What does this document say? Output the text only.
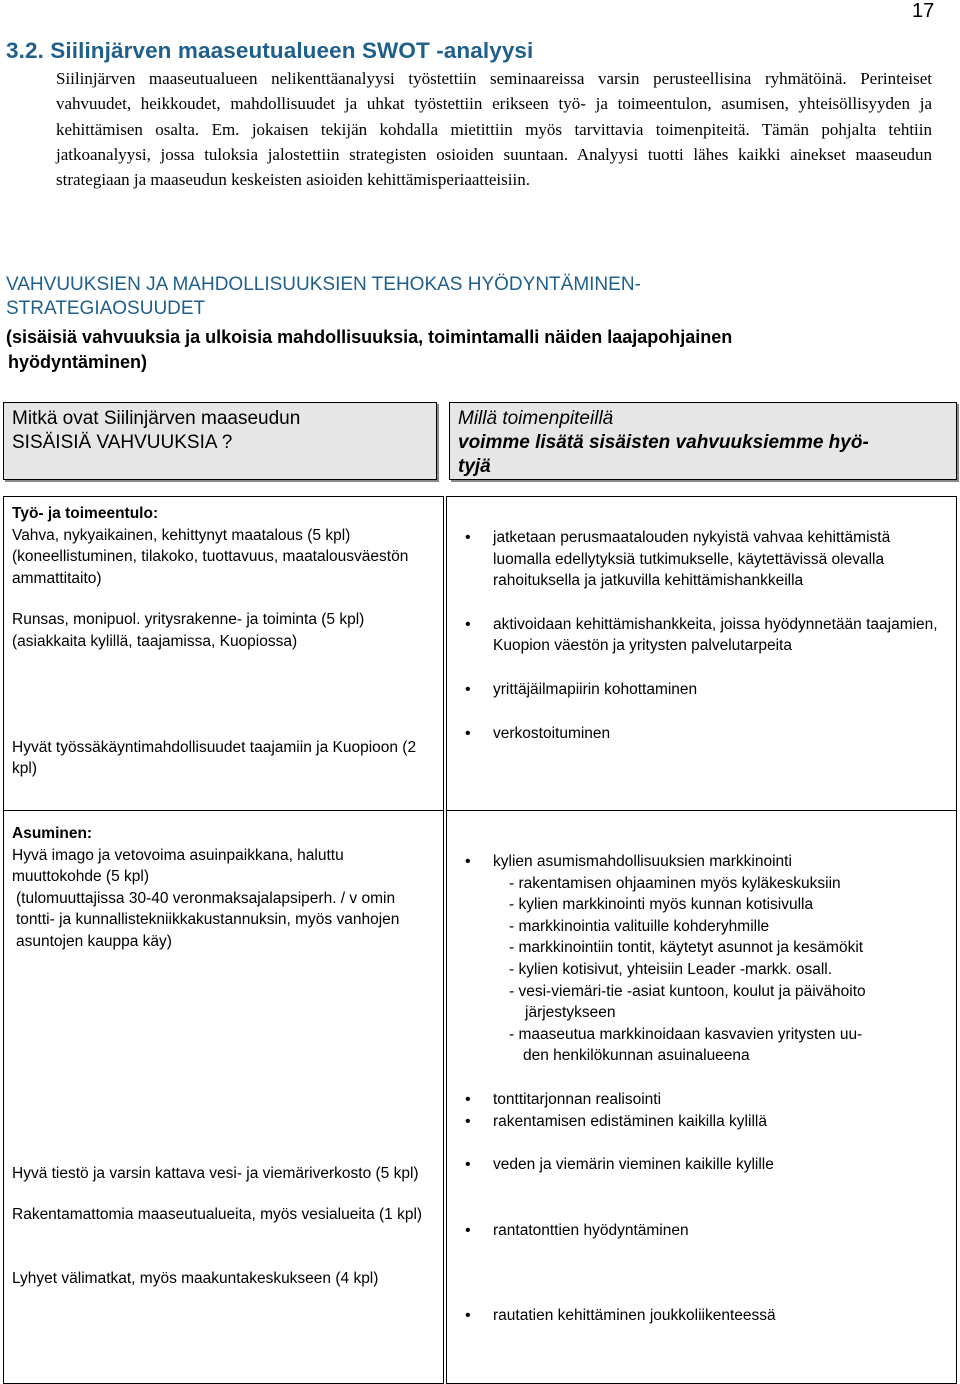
17
3.2. Siilinjärven maaseutualueen SWOT -analyysi

Siilinjärven maaseutualueen nelikenttäanalyysi työstettiin seminaareissa varsin perusteellisina ryhmätöinä. Perinteiset vahvuudet, heikkoudet, mahdollisuudet ja uhkat työstettiin erikseen työ- ja toimeentulon, asumisen, yhteisöllisyyden ja kehittämisen osalta. Em. jokaisen tekijän kohdalla mietittiin myös tarvittavia toimenpiteitä. Tämän pohjalta tehtiin jatkoanalyysi, jossa tuloksia jalostettiin strategisten osioiden suuntaan. Analyysi tuotti lähes kaikki ainekset maaseudun strategiaan ja maaseudun keskeisten asioiden kehittämisperiaatteisiin.

VAHVUUKSIEN JA MAHDOLLISUUKSIEN TEHOKAS HYÖDYNTÄMINEN-
STRATEGIAOSUUDET

(sisäisiä vahvuuksia ja ulkoisia mahdollisuuksia, toimintamalli näiden laajapohjainen
hyödyntäminen)

Mitkä ovat Siilinjärven maaseudun
SISÄISIÄ VAHVUUKSIA ?
Millä toimenpiteillä
voimme lisätä sisäisten vahvuuksiemme hyö-
tyjä
Työ- ja toimeentulo:

Vahva, nykyaikainen, kehittynyt maatalous (5 kpl) (koneellistuminen, tilakoko, tuottavuus, maatalousväestön ammattitaito)

Runsas, monipuol. yritysrakenne- ja toiminta (5 kpl) (asiakkaita kylillä, taajamissa, Kuopiossa)

Hyvät työssäkäyntimahdollisuudet taajamiin ja Kuopioon (2 kpl)

• jatketaan perusmaatalouden nykyistä vahvaa kehittämistä luomalla edellytyksiä tutkimukselle, käytettävissä olevalla rahoituksella ja jatkuvilla kehittämishankkeilla
• aktivoidaan kehittämishankkeita, joissa hyödynnetään taajamien, Kuopion väestön ja yritysten palvelutarpeita
• yrittäjäilmapiirin kohottaminen
• verkostoituminen
Asuminen:

Hyvä imago ja vetovoima asuinpaikkana, haluttu muuttokohde (5 kpl)

(tulomuuttajissa 30-40 veronmaksajalapsiperh. / v omin tontti- ja kunnallistekniikkakustannuksin, myös vanhojen asuntojen kauppa käy)

Hyvä tiestö ja varsin kattava vesi- ja viemäriverkosto (5 kpl)

Rakentamattomia maaseutualueita, myös vesialueita (1 kpl)

Lyhyet välimatkat, myös maakuntakeskukseen (4 kpl)

• kylien asumismahdollisuuksien markkinointi

- rakentamisen ohjaaminen myös kyläkeskuksiin

- kylien markkinointi myös kunnan kotisivulla

- markkinointia valituille kohderyhmille

- markkinointiin tontit, käytetyt asunnot ja kesämökit

- kylien kotisivut, yhteisiin Leader -markk. osall.

- vesi-viemäri-tie -asiat kuntoon, koulut ja päivähoito

järjestykseen

- maaseutua markkinoidaan kasvavien yritysten uu-

den henkilökunnan asuinalueena

• tonttitarjonnan realisointi
• rakentamisen edistäminen kaikilla kylillä
• veden ja viemärin vieminen kaikille kylille
• rantatonttien hyödyntäminen
• rautatien kehittäminen joukkoliikenteessä
